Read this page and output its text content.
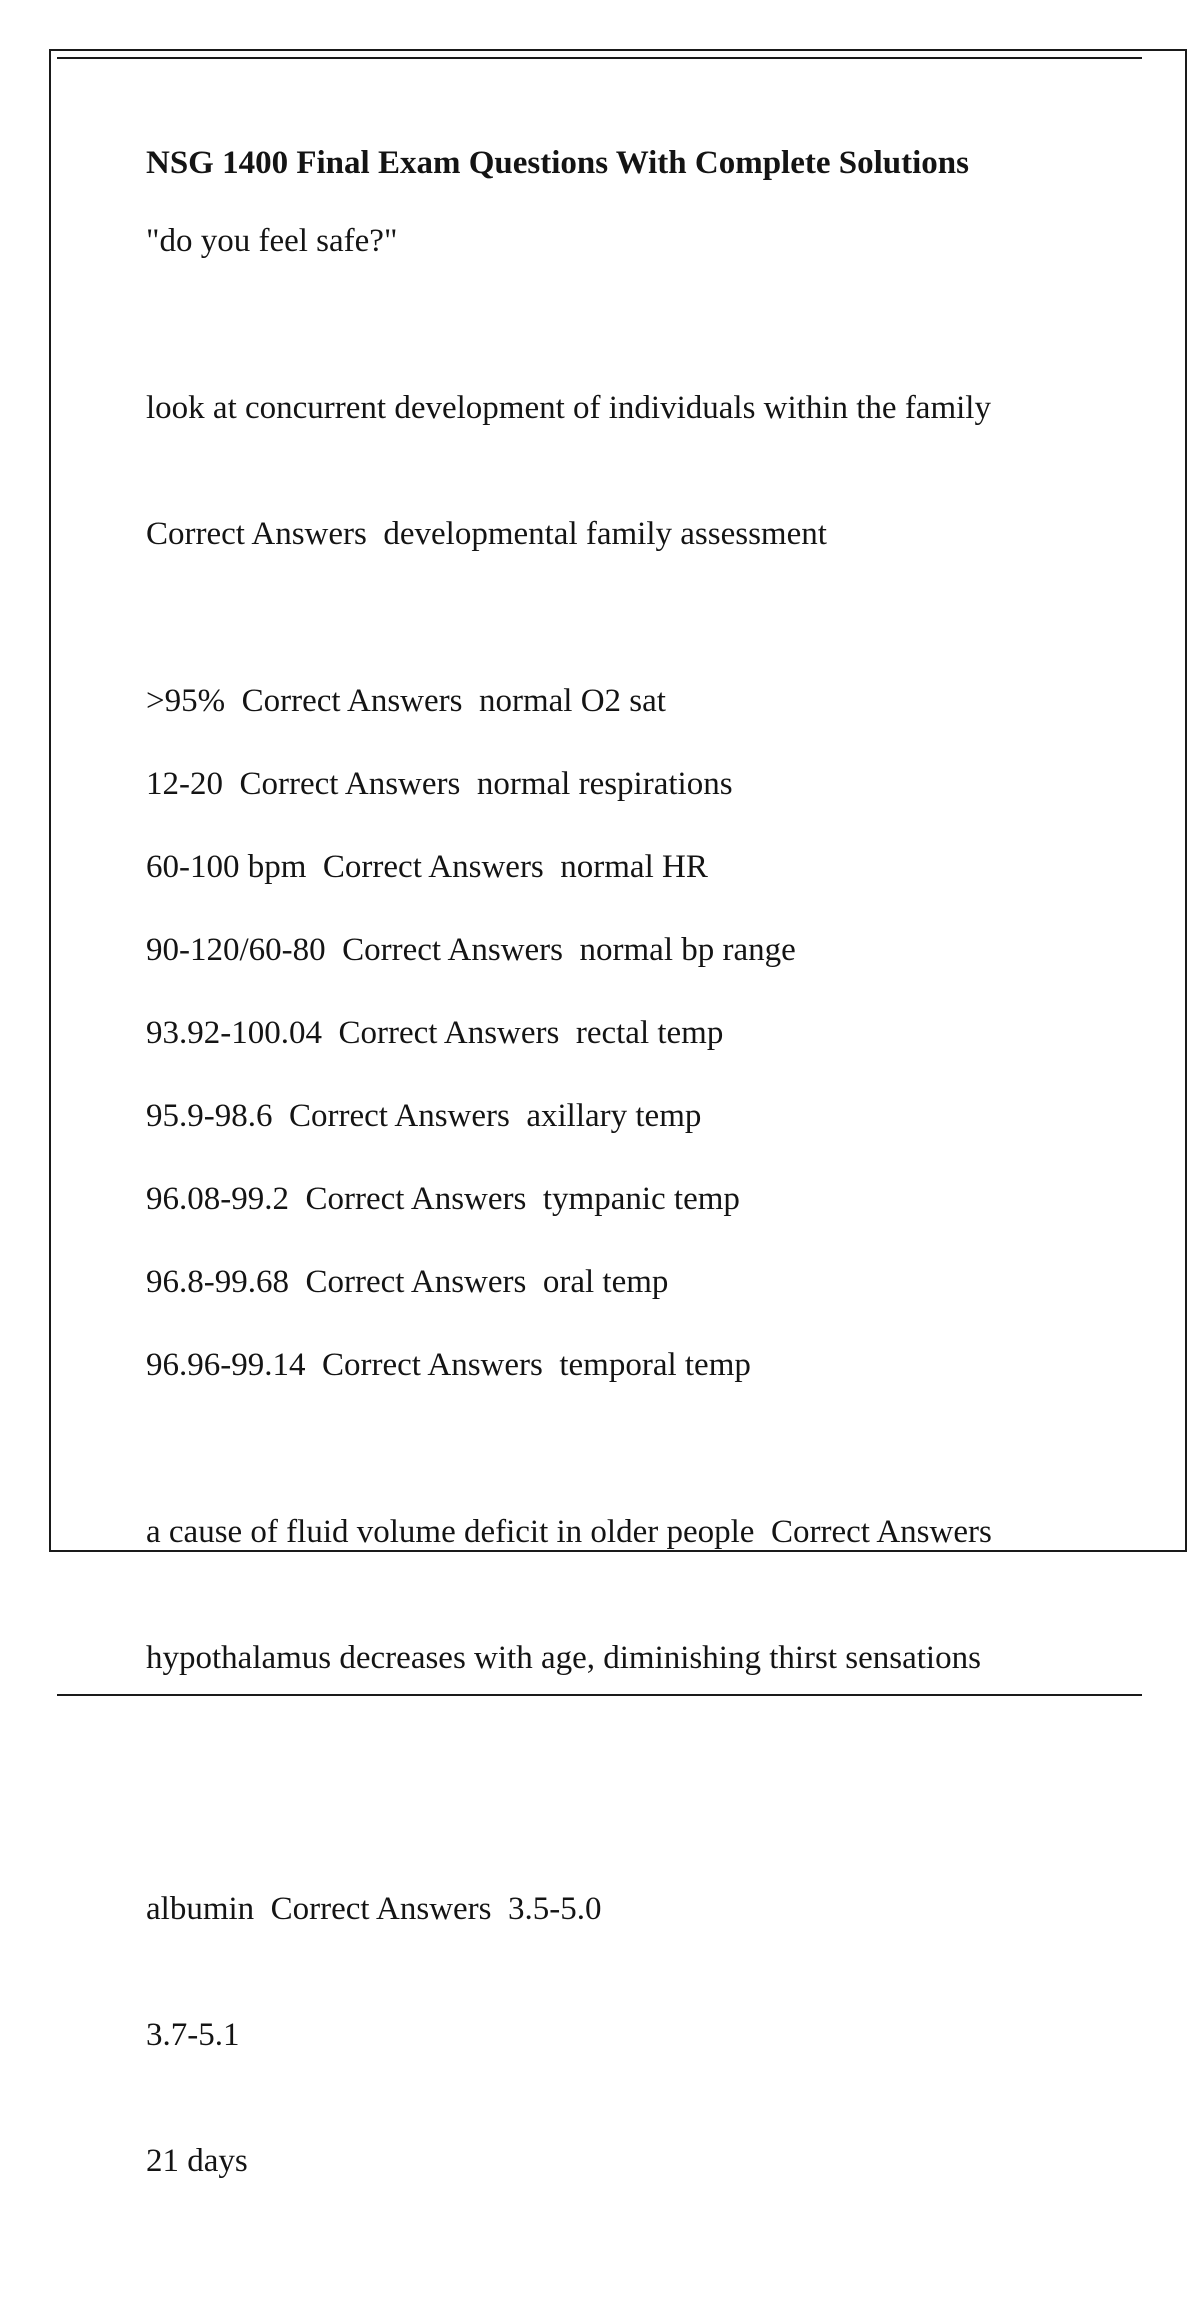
NSG 1400 Final Exam Questions With Complete Solutions

"do you feel safe?"

look at concurrent development of individuals within the family

Correct Answers  developmental family assessment

>95%  Correct Answers  normal O2 sat

12-20  Correct Answers  normal respirations

60-100 bpm  Correct Answers  normal HR

90-120/60-80  Correct Answers  normal bp range

93.92-100.04  Correct Answers  rectal temp

95.9-98.6  Correct Answers  axillary temp

96.08-99.2  Correct Answers  tympanic temp

96.8-99.68  Correct Answers  oral temp

96.96-99.14  Correct Answers  temporal temp

a cause of fluid volume deficit in older people  Correct Answers

hypothalamus decreases with age, diminishing thirst sensations

albumin  Correct Answers  3.5-5.0

3.7-5.1

21 days
